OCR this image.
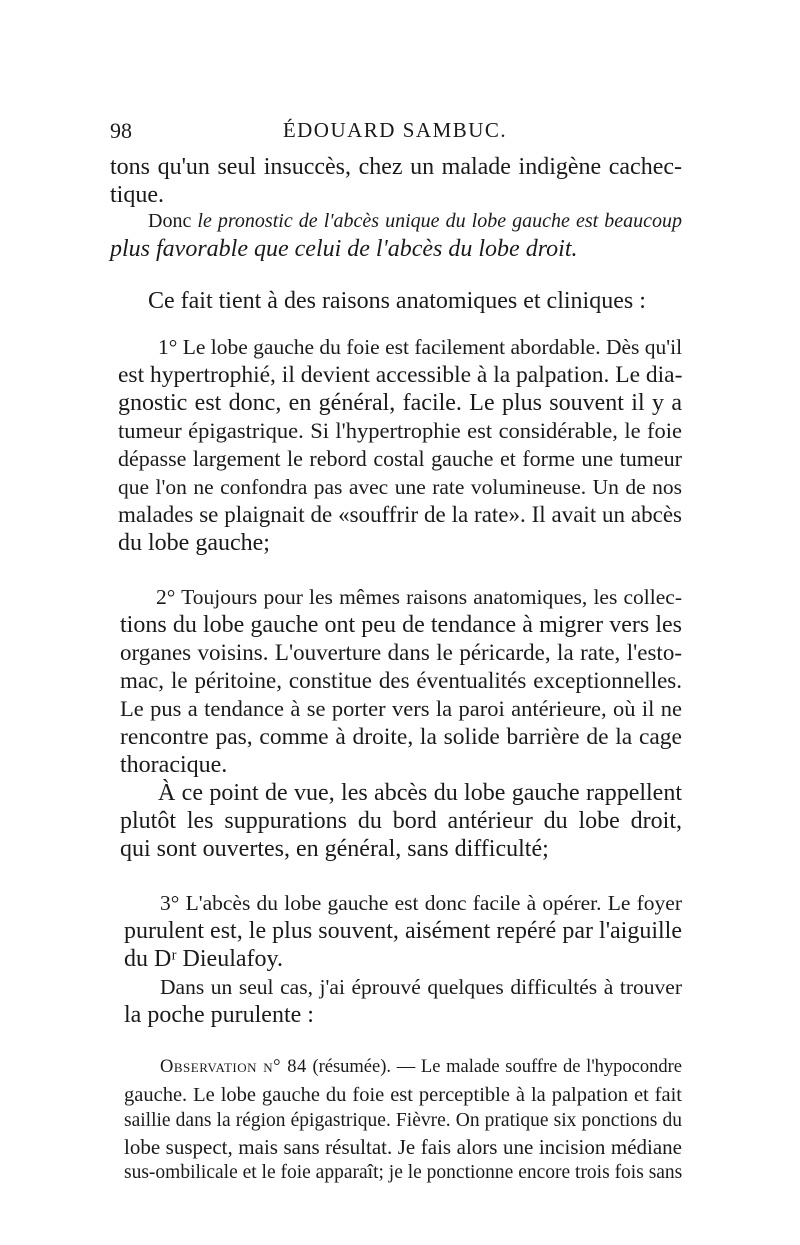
98	ÉDOUARD SAMBUC.
tons qu'un seul insuccès, chez un malade indigène cachec-
tique.
Donc le pronostic de l'abcès unique du lobe gauche est beaucoup
plus favorable que celui de l'abcès du lobe droit.
Ce fait tient à des raisons anatomiques et cliniques :
1° Le lobe gauche du foie est facilement abordable. Dès qu'il
est hypertrophié, il devient accessible à la palpation. Le dia-
gnostic est donc, en général, facile. Le plus souvent il y a
tumeur épigastrique. Si l'hypertrophie est considérable, le foie
dépasse largement le rebord costal gauche et forme une tumeur
que l'on ne confondra pas avec une rate volumineuse. Un de nos
malades se plaignait de «souffrir de la rate». Il avait un abcès
du lobe gauche;
2° Toujours pour les mêmes raisons anatomiques, les collec-
tions du lobe gauche ont peu de tendance à migrer vers les
organes voisins. L'ouverture dans le péricarde, la rate, l'esto-
mac, le péritoine, constitue des éventualités exceptionnelles.
Le pus a tendance à se porter vers la paroi antérieure, où il ne
rencontre pas, comme à droite, la solide barrière de la cage
thoracique.
À ce point de vue, les abcès du lobe gauche rappellent
plutôt les suppurations du bord antérieur du lobe droit,
qui sont ouvertes, en général, sans difficulté;
3° L'abcès du lobe gauche est donc facile à opérer. Le foyer
purulent est, le plus souvent, aisément repéré par l'aiguille
du Dʳ Dieulafoy.
Dans un seul cas, j'ai éprouvé quelques difficultés à trouver
la poche purulente :
Observation n° 84 (résumée). — Le malade souffre de l'hypocondre
gauche. Le lobe gauche du foie est perceptible à la palpation et fait
saillie dans la région épigastrique. Fièvre. On pratique six ponctions du
lobe suspect, mais sans résultat. Je fais alors une incision médiane
sus-ombilicale et le foie apparaît; je le ponctionne encore trois fois sans
